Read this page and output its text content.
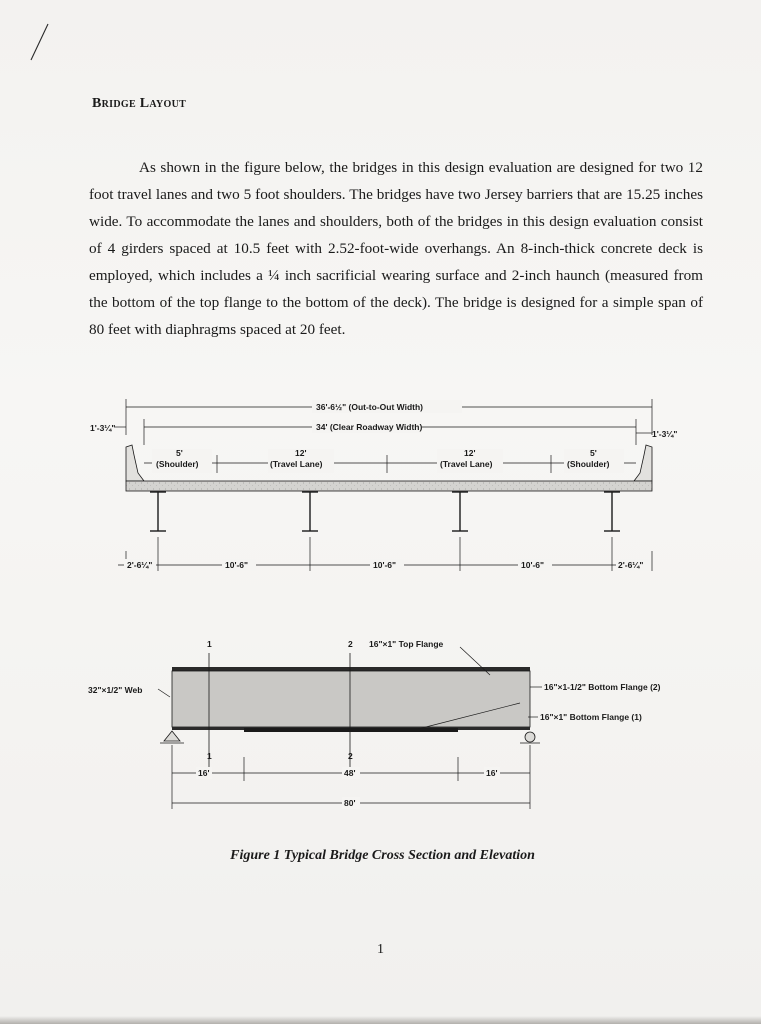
Bridge Layout
As shown in the figure below, the bridges in this design evaluation are designed for two 12 foot travel lanes and two 5 foot shoulders. The bridges have two Jersey barriers that are 15.25 inches wide. To accommodate the lanes and shoulders, both of the bridges in this design evaluation consist of 4 girders spaced at 10.5 feet with 2.52-foot-wide overhangs. An 8-inch-thick concrete deck is employed, which includes a ¼ inch sacrificial wearing surface and 2-inch haunch (measured from the bottom of the top flange to the bottom of the deck). The bridge is designed for a simple span of 80 feet with diaphragms spaced at 20 feet.
36'-6½" (Out-to-Out Width)
34' (Clear Roadway Width)
1'-3¼"
1'-3¼"
5'
(Shoulder)
12'
(Travel Lane)
12'
(Travel Lane)
5'
(Shoulder)
2'-6¼"	10'-6"	10'-6"	10'-6"	2'-6¼"
1	2 16"×1" Top Flange
32"×1/2" Web	16"×1-1/2" Bottom Flange (2)
16"×1" Bottom Flange (1)
1	2
16'	48'	16'
80'
Figure 1 Typical Bridge Cross Section and Elevation
1
